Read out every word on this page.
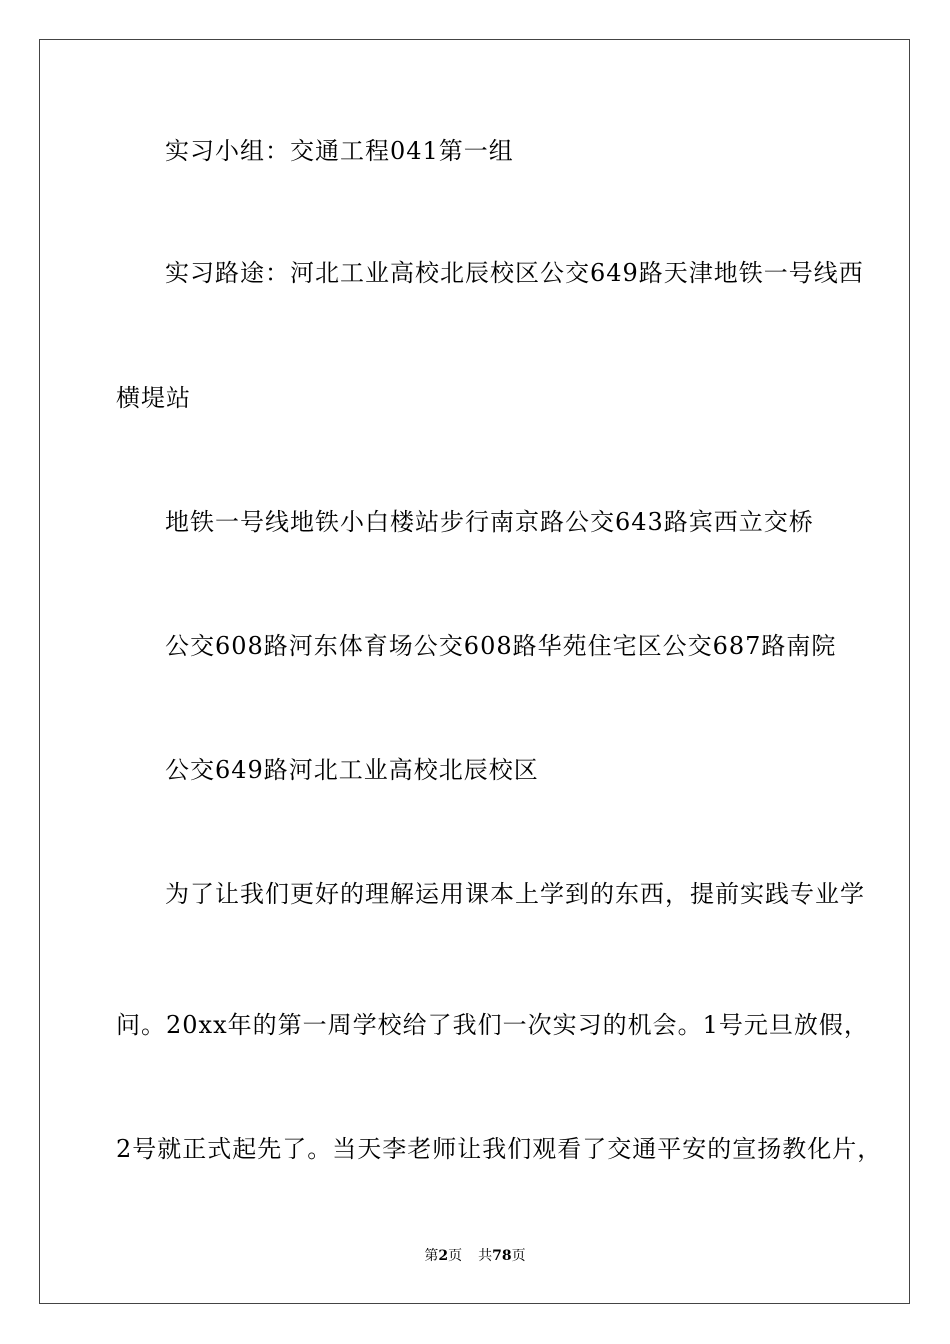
实习小组：交通工程041第一组
实习路途：河北工业高校北辰校区公交649路天津地铁一号线西
横堤站
地铁一号线地铁小白楼站步行南京路公交643路宾西立交桥
公交608路河东体育场公交608路华苑住宅区公交687路南院
公交649路河北工业高校北辰校区
为了让我们更好的理解运用课本上学到的东西，提前实践专业学
问。20xx年的第一周学校给了我们一次实习的机会。1号元旦放假，
2号就正式起先了。当天李老师让我们观看了交通平安的宣扬教化片，
第2页 共78页
